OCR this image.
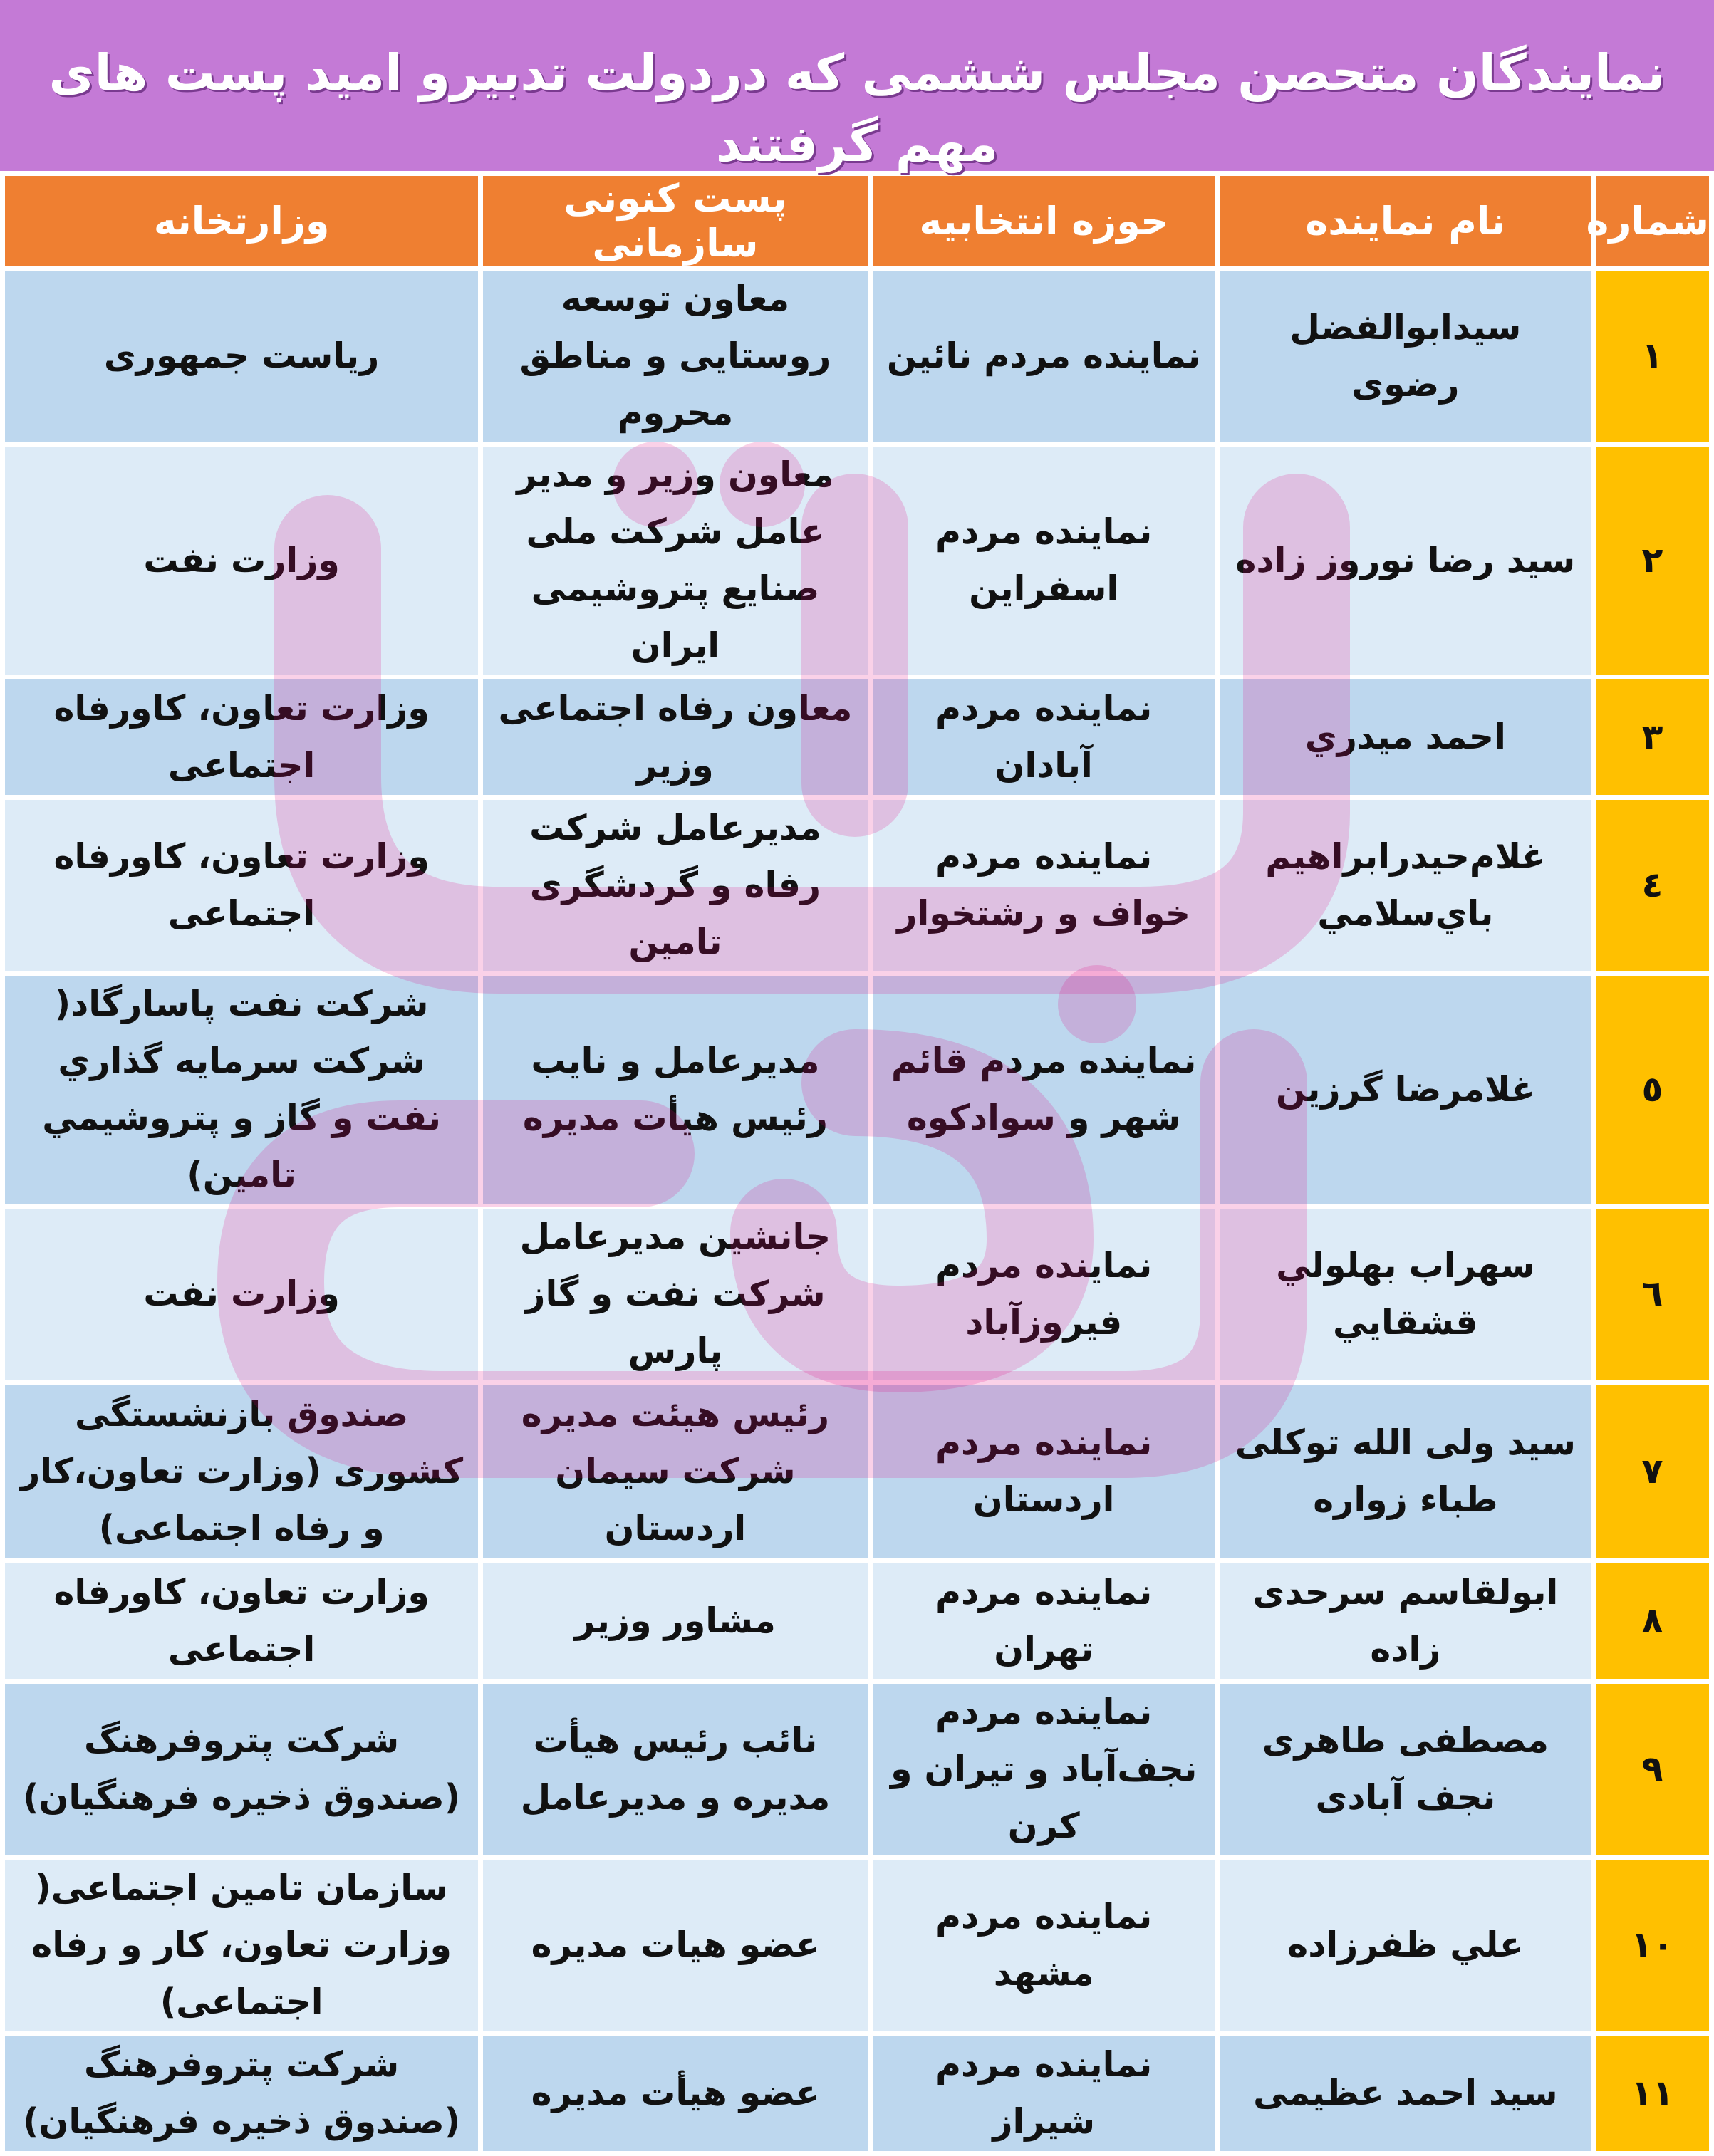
نمایندگان متحصن مجلس ششمی که دردولت تدبیرو امید پست های مهم گرفتند
شماره	نام نماینده	حوزه انتخابیه	پست کنونی سازمانی	وزارتخانه
۱	سیدابوالفضل رضوی	نماینده مردم نائین	معاون توسعه روستایی و مناطق محروم	ریاست جمهوری
۲	سید رضا نوروز زاده	نماینده مردم اسفراین	معاون وزیر و مدیر عامل شرکت ملی صنایع پتروشیمی ایران	وزارت نفت
۳	احمد ميدري	نماینده مردم آبادان	معاون رفاه اجتماعی وزیر	وزارت تعاون، کاورفاه اجتماعی
٤	غلام‌حيدرابراهيم باي‌سلامي	نماینده مردم خواف و رشتخوار	مدیرعامل شرکت رفاه و گردشگری تامین	وزارت تعاون، کاورفاه اجتماعی
٥	غلامرضا گرزین	نماینده مردم قائم شهر و سوادکوه	مدیرعامل و نایب رئیس هیأت مدیره	شرکت نفت پاسارگاد( شرکت سرمايه گذاري نفت و گاز و پتروشيمي تامين)
٦	سهراب بهلولي قشقايي	نماینده مردم فیروزآباد	جانشین مدیرعامل شرکت نفت و گاز پارس	وزارت نفت
۷	سید ولی الله توکلی طباء زواره	نماینده مردم اردستان	رئیس هیئت مدیره شرکت سیمان اردستان	صندوق بازنشستگی کشوری (وزارت تعاون،کار و رفاه اجتماعی)
۸	ابولقاسم سرحدی زاده	نماینده مردم تهران	مشاور وزیر	وزارت تعاون، کاورفاه اجتماعی
۹	مصطفی طاهری نجف آبادی	نماینده مردم نجف‌آباد و تیران و کرن	نائب رئیس هیأت مدیره و مدیرعامل	شرکت پتروفرهنگ (صندوق ذخیره فرهنگیان)
۱۰	علي ظفرزاده	نماینده مردم مشهد	عضو هیات مدیره	سازمان تامین اجتماعی( وزارت تعاون، کار و رفاه اجتماعی)
۱۱	سید احمد عظیمی	نماینده مردم شیراز	عضو هیأت مدیره	شرکت پتروفرهنگ (صندوق ذخیره فرهنگیان)
